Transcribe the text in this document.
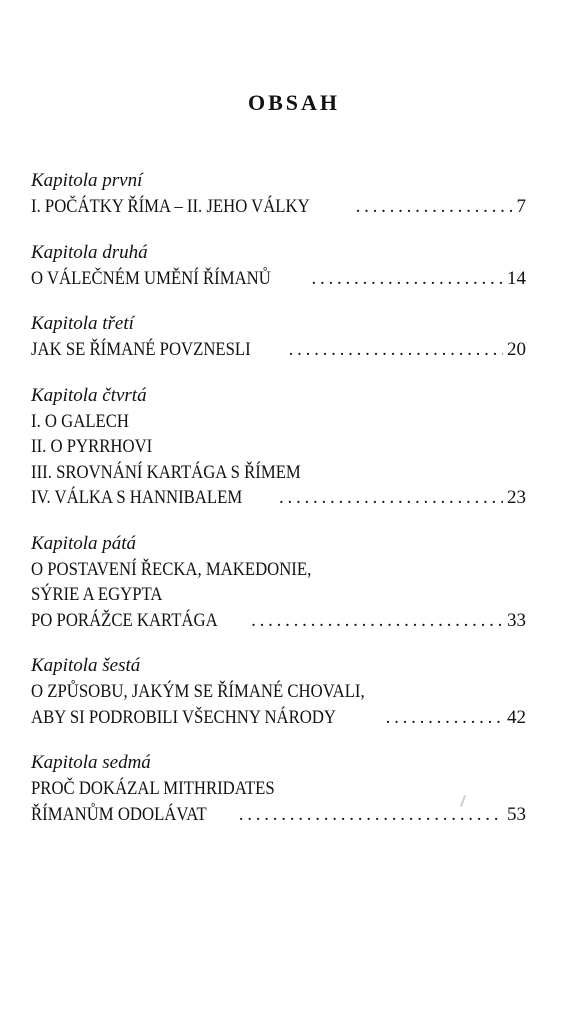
OBSAH
Kapitola první
I. POČÁTKY ŘÍMA – II. JEHO VÁLKY . . .	7
Kapitola druhá
O VÁLEČNÉM UMĚNÍ ŘÍMANŮ . . .	14
Kapitola třetí
JAK SE ŘÍMANÉ POVZNESLI . . .	20
Kapitola čtvrtá
I. O GALECH
II. O PYRRHOVI
III. SROVNÁNÍ KARTÁGA S ŘÍMEM
IV. VÁLKA S HANNIBALEM . . .	23
Kapitola pátá
O POSTAVENÍ ŘECKA, MAKEDONIE,
SÝRIE A EGYPTA
PO PORÁŽCE KARTÁGA . . .	33
Kapitola šestá
O ZPŮSOBU, JAKÝM SE ŘÍMANÉ CHOVALI,
ABY SI PODROBILI VŠECHNY NÁRODY . . .	42
Kapitola sedmá
PROČ DOKÁZAL MITHRIDATES
ŘÍMANŮM ODOLÁVAT . . .	53
